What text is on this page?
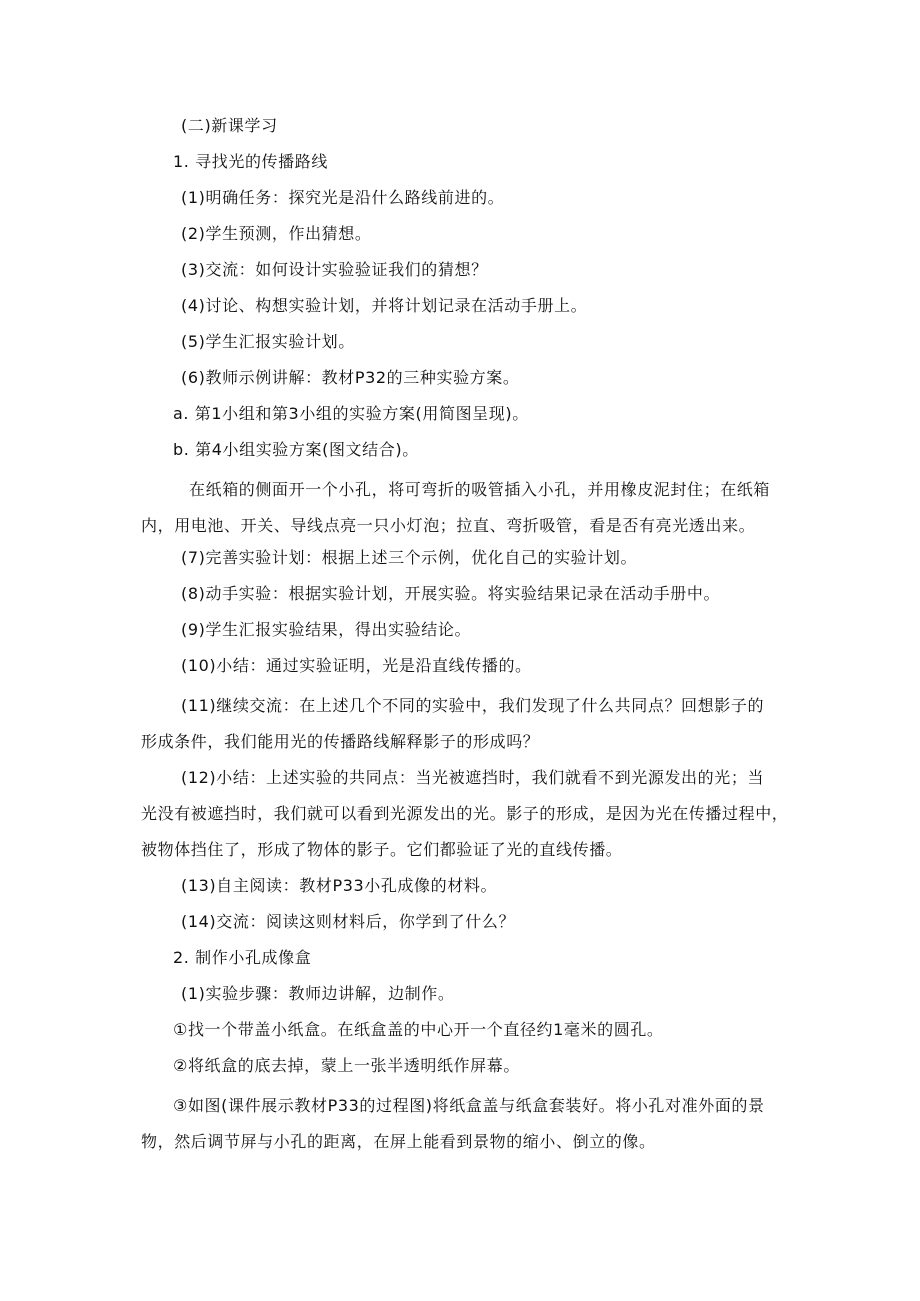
(二)新课学习
1. 寻找光的传播路线
(1)明确任务：探究光是沿什么路线前进的。
(2)学生预测，作出猜想。
(3)交流：如何设计实验验证我们的猜想？
(4)讨论、构想实验计划，并将计划记录在活动手册上。
(5)学生汇报实验计划。
(6)教师示例讲解：教材P32的三种实验方案。
a. 第1小组和第3小组的实验方案(用简图呈现)。
b. 第4小组实验方案(图文结合)。

在纸箱的侧面开一个小孔，将可弯折的吸管插入小孔，并用橡皮泥封住；在纸箱

内，用电池、开关、导线点亮一只小灯泡；拉直、弯折吸管，看是否有亮光透出来。

(7)完善实验计划：根据上述三个示例，优化自己的实验计划。
(8)动手实验：根据实验计划，开展实验。将实验结果记录在活动手册中。
(9)学生汇报实验结果，得出实验结论。
(10)小结：通过实验证明，光是沿直线传播的。

(11)继续交流：在上述几个不同的实验中，我们发现了什么共同点？回想影子的

形成条件，我们能用光的传播路线解释影子的形成吗？

(12)小结：上述实验的共同点：当光被遮挡时，我们就看不到光源发出的光；当

光没有被遮挡时，我们就可以看到光源发出的光。影子的形成，是因为光在传播过程中，

被物体挡住了，形成了物体的影子。它们都验证了光的直线传播。

(13)自主阅读：教材P33小孔成像的材料。
(14)交流：阅读这则材料后，你学到了什么？
2. 制作小孔成像盒
(1)实验步骤：教师边讲解，边制作。
①找一个带盖小纸盒。在纸盒盖的中心开一个直径约1毫米的圆孔。
②将纸盒的底去掉，蒙上一张半透明纸作屏幕。

③如图(课件展示教材P33的过程图)将纸盒盖与纸盒套装好。将小孔对准外面的景

物，然后调节屏与小孔的距离，在屏上能看到景物的缩小、倒立的像。
